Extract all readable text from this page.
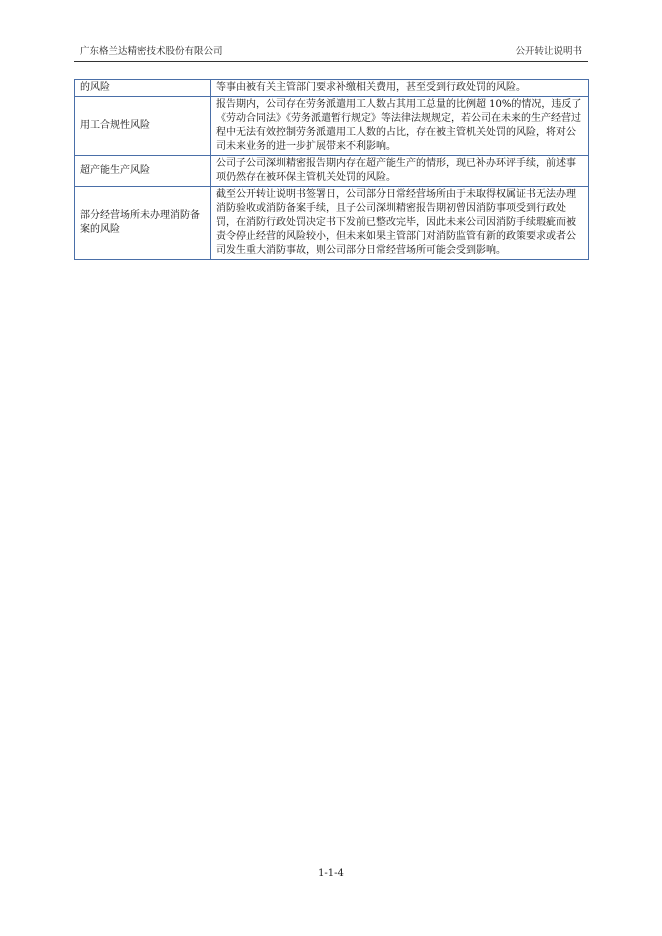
广东格兰达精密技术股份有限公司	公开转让说明书
的风险	等事由被有关主管部门要求补缴相关费用，甚至受到行政处罚的风险。
用工合规性风险	报告期内，公司存在劳务派遣用工人数占其用工总量的比例超 10%的情况，违反了《劳动合同法》《劳务派遣暂行规定》等法律法规规定，若公司在未来的生产经营过程中无法有效控制劳务派遣用工人数的占比，存在被主管机关处罚的风险，将对公司未来业务的进一步扩展带来不利影响。
超产能生产风险	公司子公司深圳精密报告期内存在超产能生产的情形，现已补办环评手续，前述事项仍然存在被环保主管机关处罚的风险。
部分经营场所未办理消防备案的风险	截至公开转让说明书签署日，公司部分日常经营场所由于未取得权属证书无法办理消防验收或消防备案手续，且子公司深圳精密报告期初曾因消防事项受到行政处罚，在消防行政处罚决定书下发前已整改完毕，因此未来公司因消防手续瑕疵而被责令停止经营的风险较小，但未来如果主管部门对消防监管有新的政策要求或者公司发生重大消防事故，则公司部分日常经营场所可能会受到影响。
1-1-4
